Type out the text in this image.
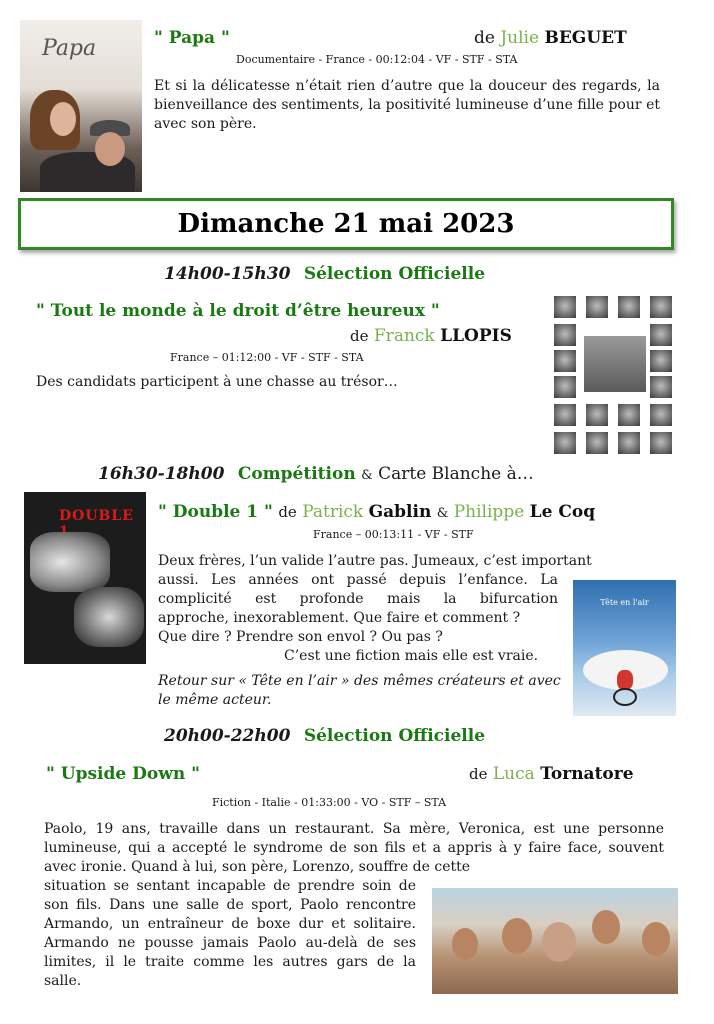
Papa	" Papa "	de Julie BEGUET
Documentaire - France - 00:12:04 - VF - STF - STA
Et si la délicatesse n’était rien d’autre que la douceur des regards, la bienveillance des sentiments, la positivité lumineuse d’une fille pour et avec son père.
Dimanche 21 mai 2023
14h00-15h30 Sélection Officielle
" Tout le monde à le droit d’être heureux "
de Franck LLOPIS
France – 01:12:00 - VF - STF - STA
Des candidats participent à une chasse au trésor…
16h30-18h00 Compétition & Carte Blanche à…
DOUBLE	" Double 1 " de Patrick Gablin & Philippe Le Coq
France – 00:13:11 - VF - STF
Deux frères, l’un valide l’autre pas. Jumeaux, c’est important
aussi. Les années ont passé depuis l’enfance. La
complicité est profonde mais la bifurcation
approche, inexorablement. Que faire et comment ?
Que dire ? Prendre son envol ? Ou pas ?
C’est une fiction mais elle est vraie.
Retour sur « Tête en l’air » des mêmes créateurs et avec le même acteur.
Tête en l'air
20h00-22h00 Sélection Officielle
" Upside Down "	de Luca Tornatore
Fiction - Italie - 01:33:00 - VO - STF – STA
Paolo, 19 ans, travaille dans un restaurant. Sa mère, Veronica, est une personne lumineuse, qui a accepté le syndrome de son fils et a appris à y faire face, souvent avec ironie. Quand à lui, son père, Lorenzo, souffre de cette
situation se sentant incapable de prendre soin de son fils. Dans une salle de sport, Paolo rencontre Armando, un entraîneur de boxe dur et solitaire. Armando ne pousse jamais Paolo au-delà de ses limites, il le traite comme les autres gars de la salle.
